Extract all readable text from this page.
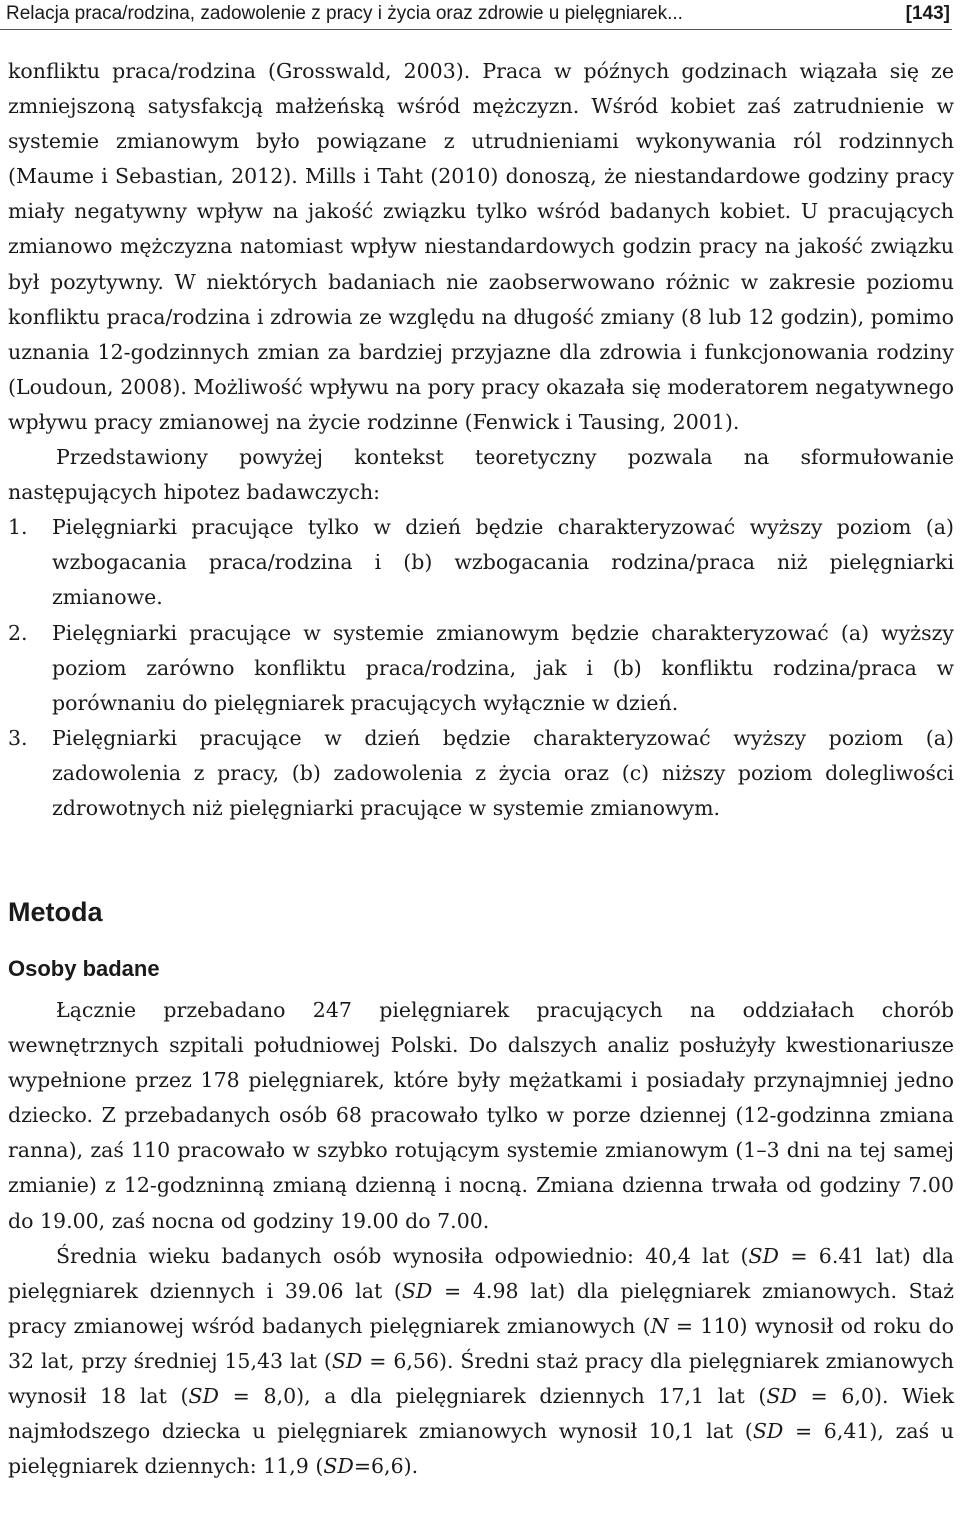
Relacja praca/rodzina, zadowolenie z pracy i życia oraz zdrowie u pielęgniarek...	[143]

konfliktu praca/rodzina (Grosswald, 2003). Praca w późnych godzinach wiązała się ze zmniejszoną satysfakcją małżeńską wśród mężczyzn. Wśród kobiet zaś zatrudnienie w systemie zmianowym było powiązane z utrudnieniami wykonywania ról rodzinnych (Maume i Sebastian, 2012). Mills i Taht (2010) donoszą, że niestandardowe godziny pracy miały negatywny wpływ na jakość związku tylko wśród badanych kobiet. U pracujących zmianowo mężczyzna natomiast wpływ niestandardowych godzin pracy na jakość związku był pozytywny. W niektórych badaniach nie zaobserwowano różnic w zakresie poziomu konfliktu praca/rodzina i zdrowia ze względu na długość zmiany (8 lub 12 godzin), pomimo uznania 12-godzinnych zmian za bardziej przyjazne dla zdrowia i funkcjonowania rodziny (Loudoun, 2008). Możliwość wpływu na pory pracy okazała się moderatorem negatywnego wpływu pracy zmianowej na życie rodzinne (Fenwick i Tausing, 2001).

Przedstawiony powyżej kontekst teoretyczny pozwala na sformułowanie następujących hipotez badawczych:

1. Pielęgniarki pracujące tylko w dzień będzie charakteryzować wyższy poziom (a) wzbogacania praca/rodzina i (b) wzbogacania rodzina/praca niż pielęgniarki zmianowe.
2. Pielęgniarki pracujące w systemie zmianowym będzie charakteryzować (a) wyższy poziom zarówno konfliktu praca/rodzina, jak i (b) konfliktu rodzina/praca w porównaniu do pielęgniarek pracujących wyłącznie w dzień.
3. Pielęgniarki pracujące w dzień będzie charakteryzować wyższy poziom (a) zadowolenia z pracy, (b) zadowolenia z życia oraz (c) niższy poziom dolegliwości zdrowotnych niż pielęgniarki pracujące w systemie zmianowym.
Metoda
Osoby badane

Łącznie przebadano 247 pielęgniarek pracujących na oddziałach chorób wewnętrznych szpitali południowej Polski. Do dalszych analiz posłużyły kwestionariusze wypełnione przez 178 pielęgniarek, które były mężatkami i posiadały przynajmniej jedno dziecko. Z przebadanych osób 68 pracowało tylko w porze dziennej (12-godzinna zmiana ranna), zaś 110 pracowało w szybko rotującym systemie zmianowym (1–3 dni na tej samej zmianie) z 12-godzninną zmianą dzienną i nocną. Zmiana dzienna trwała od godziny 7.00 do 19.00, zaś nocna od godziny 19.00 do 7.00.

Średnia wieku badanych osób wynosiła odpowiednio: 40,4 lat (SD = 6.41 lat) dla pielęgniarek dziennych i 39.06 lat (SD = 4.98 lat) dla pielęgniarek zmianowych. Staż pracy zmianowej wśród badanych pielęgniarek zmianowych (N = 110) wynosił od roku do 32 lat, przy średniej 15,43 lat (SD = 6,56). Średni staż pracy dla pielęgniarek zmianowych wynosił 18 lat (SD = 8,0), a dla pielęgniarek dziennych 17,1 lat (SD = 6,0). Wiek najmłodszego dziecka u pielęgniarek zmianowych wynosił 10,1 lat (SD = 6,41), zaś u pielęgniarek dziennych: 11,9 (SD=6,6).
